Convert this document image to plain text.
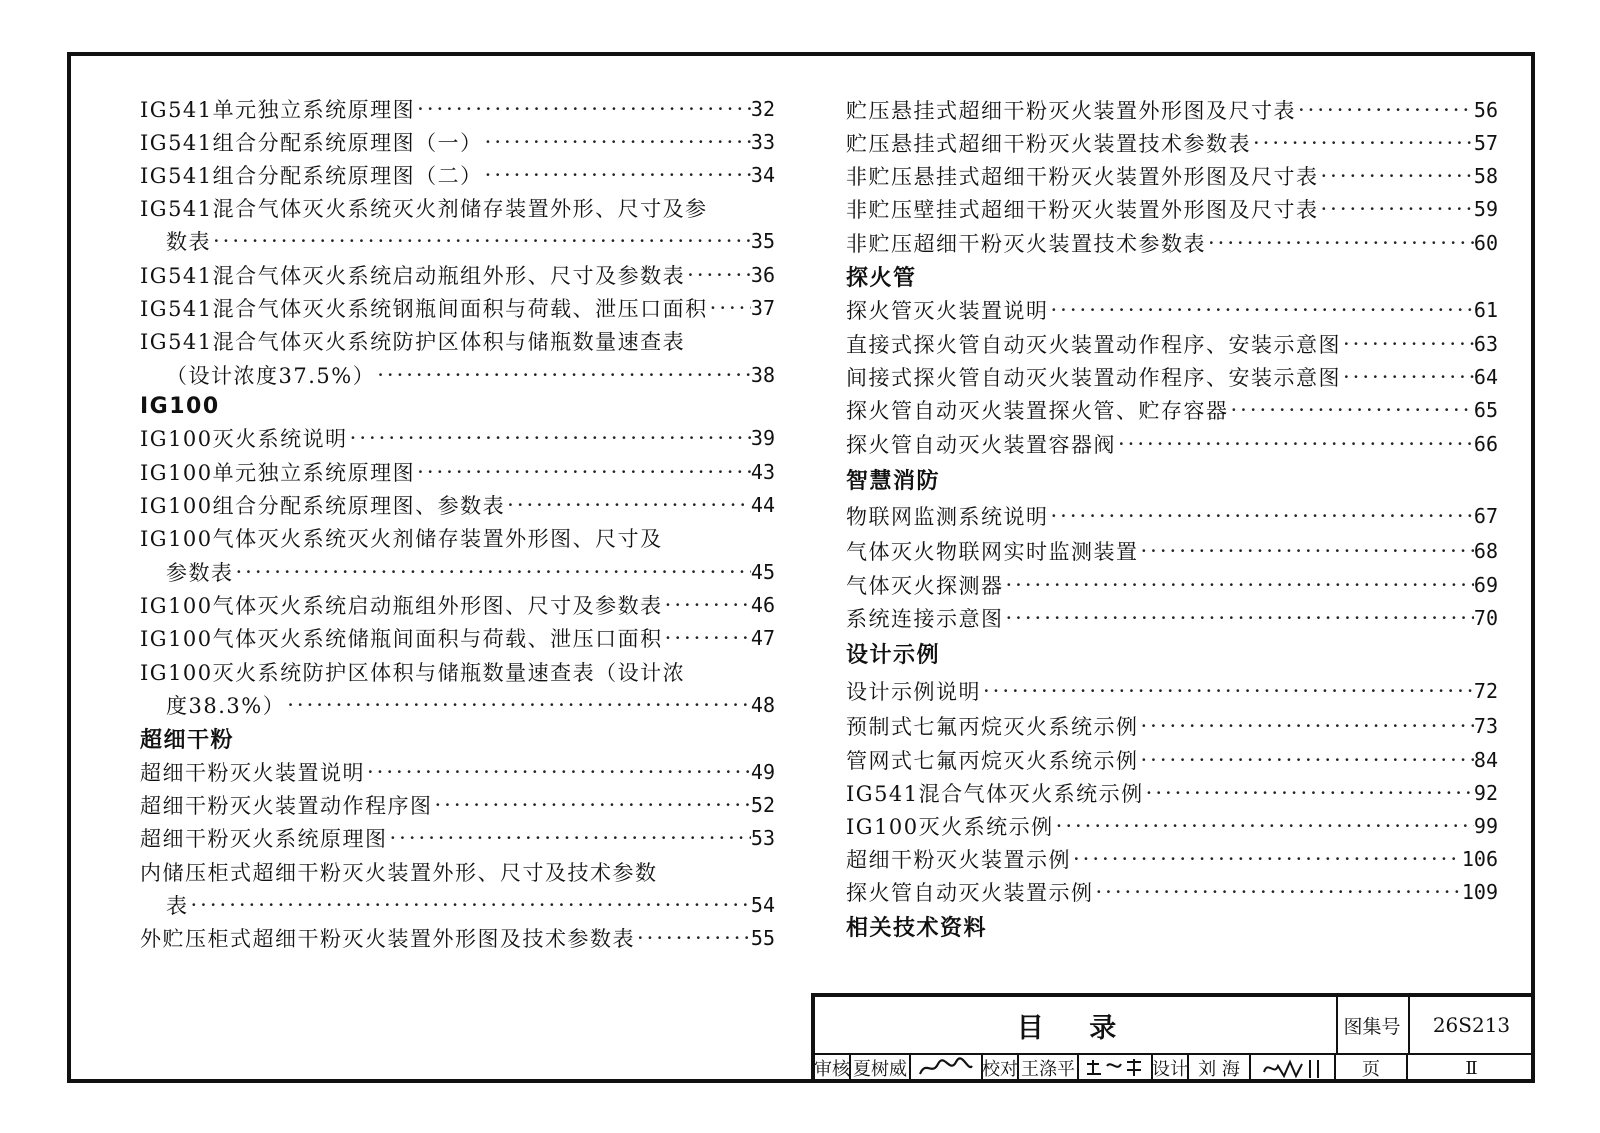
IG541单元独立系统原理图 ·····	32
IG541组合分配系统原理图（一） ·····	33
IG541组合分配系统原理图（二） ·····	34
IG541混合气体灭火系统灭火剂储存装置外形、尺寸及参
数表 ·····	35
IG541混合气体灭火系统启动瓶组外形、尺寸及参数表 ·····	36
IG541混合气体灭火系统钢瓶间面积与荷载、泄压口面积 ····· 37
IG541混合气体灭火系统防护区体积与储瓶数量速查表
（设计浓度37.5%） ·····	38
IG100
IG100灭火系统说明 ·····	39
IG100单元独立系统原理图 ·····	43
IG100组合分配系统原理图、参数表 ·····	44
IG100气体灭火系统灭火剂储存装置外形图、尺寸及
参数表 ·····	45
IG100气体灭火系统启动瓶组外形图、尺寸及参数表 ·····	46
IG100气体灭火系统储瓶间面积与荷载、泄压口面积 ·····	47
IG100灭火系统防护区体积与储瓶数量速查表（设计浓
度38.3%） ·····	48
超细干粉
超细干粉灭火装置说明 ·····	49
超细干粉灭火装置动作程序图 ·····	52
超细干粉灭火系统原理图 ·····	53
内储压柜式超细干粉灭火装置外形、尺寸及技术参数
表 ·····	54
外贮压柜式超细干粉灭火装置外形图及技术参数表 ·····	55
贮压悬挂式超细干粉灭火装置外形图及尺寸表 ·····	56
贮压悬挂式超细干粉灭火装置技术参数表 ·····	57
非贮压悬挂式超细干粉灭火装置外形图及尺寸表 ·····	58
非贮压壁挂式超细干粉灭火装置外形图及尺寸表 ·····	59
非贮压超细干粉灭火装置技术参数表 ·····	60
探火管
探火管灭火装置说明 ·····	61
直接式探火管自动灭火装置动作程序、安装示意图 ·····	63
间接式探火管自动灭火装置动作程序、安装示意图 ·····	64
探火管自动灭火装置探火管、贮存容器 ·····	65
探火管自动灭火装置容器阀 ·····	66
智慧消防
物联网监测系统说明 ·····	67
气体灭火物联网实时监测装置 ·····	68
气体灭火探测器 ·····	69
系统连接示意图 ·····	70
设计示例
设计示例说明 ·····	72
预制式七氟丙烷灭火系统示例 ·····	73
管网式七氟丙烷灭火系统示例 ·····	84
IG541混合气体灭火系统示例 ·····	92
IG100灭火系统示例 ·····	99
超细干粉灭火装置示例 ·····	106
探火管自动灭火装置示例 ·····	109
相关技术资料
目 录	图集号	26S213
审核 夏树威	校对 王涤平	设计 刘 海	页	Ⅱ
